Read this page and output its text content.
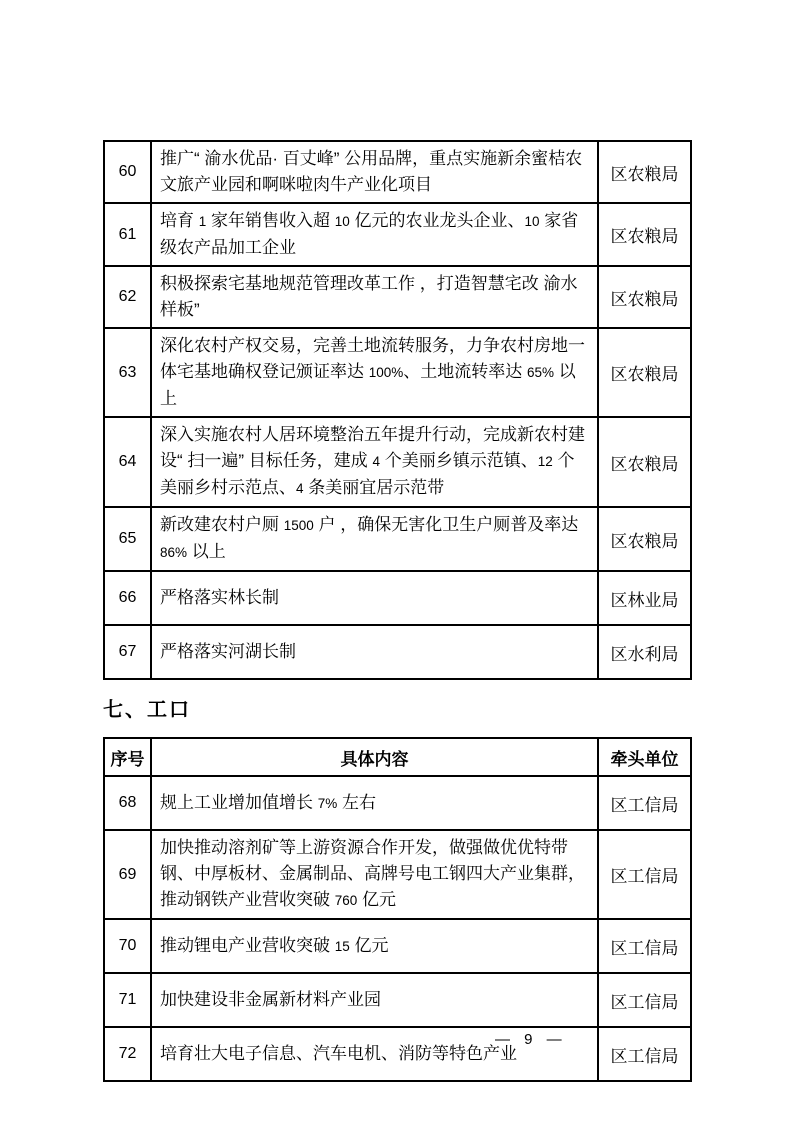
60	推广“ 渝水优品· 百丈峰” 公用品牌，重点实施新余蜜桔农文旅产业园和啊咪啦肉牛产业化项目	区农粮局
61	培育 1 家年销售收入超 10 亿元的农业龙头企业、10 家省级农产品加工企业	区农粮局
62	积极探索宅基地规范管理改革工作 ，打造智慧宅改 渝水样板”	区农粮局
63	深化农村产权交易，完善土地流转服务，力争农村房地一体宅基地确权登记颁证率达 100%、土地流转率达 65% 以上	区农粮局
64	深入实施农村人居环境整治五年提升行动，完成新农村建设“ 扫一遍” 目标任务，建成 4 个美丽乡镇示范镇、12 个美丽乡村示范点、4 条美丽宜居示范带	区农粮局
65	新改建农村户厕 1500 户 ，确保无害化卫生户厕普及率达 86% 以上	区农粮局
66	严格落实林长制	区林业局
67	严格落实河湖长制	区水利局
七、工口
序号	具体内容	牵头单位
68	规上工业增加值增长 7% 左右	区工信局
69	加快推动溶剂矿等上游资源合作开发，做强做优优特带钢、中厚板材、金属制品、高牌号电工钢四大产业集群，推动钢铁产业营收突破 760 亿元	区工信局
70	推动锂电产业营收突破 15 亿元	区工信局
71	加快建设非金属新材料产业园	区工信局
72	培育壮大电子信息、汽车电机、消防等特色产业	区工信局
— 9 —
